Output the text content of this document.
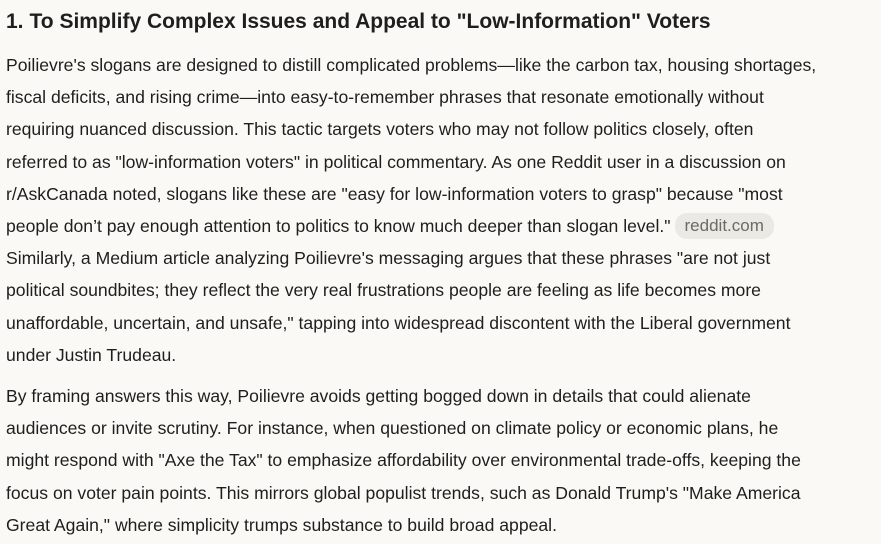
1. To Simplify Complex Issues and Appeal to "Low-Information" Voters

Poilievre's slogans are designed to distill complicated problems—like the carbon tax, housing shortages,
fiscal deficits, and rising crime—into easy-to-remember phrases that resonate emotionally without
requiring nuanced discussion. This tactic targets voters who may not follow politics closely, often
referred to as "low-information voters" in political commentary. As one Reddit user in a discussion on
r/AskCanada noted, slogans like these are "easy for low-information voters to grasp" because "most
people don’t pay enough attention to politics to know much deeper than slogan level." reddit.com
Similarly, a Medium article analyzing Poilievre's messaging argues that these phrases "are not just
political soundbites; they reflect the very real frustrations people are feeling as life becomes more
unaffordable, uncertain, and unsafe," tapping into widespread discontent with the Liberal government
under Justin Trudeau.

By framing answers this way, Poilievre avoids getting bogged down in details that could alienate
audiences or invite scrutiny. For instance, when questioned on climate policy or economic plans, he
might respond with "Axe the Tax" to emphasize affordability over environmental trade-offs, keeping the
focus on voter pain points. This mirrors global populist trends, such as Donald Trump's "Make America
Great Again," where simplicity trumps substance to build broad appeal.
